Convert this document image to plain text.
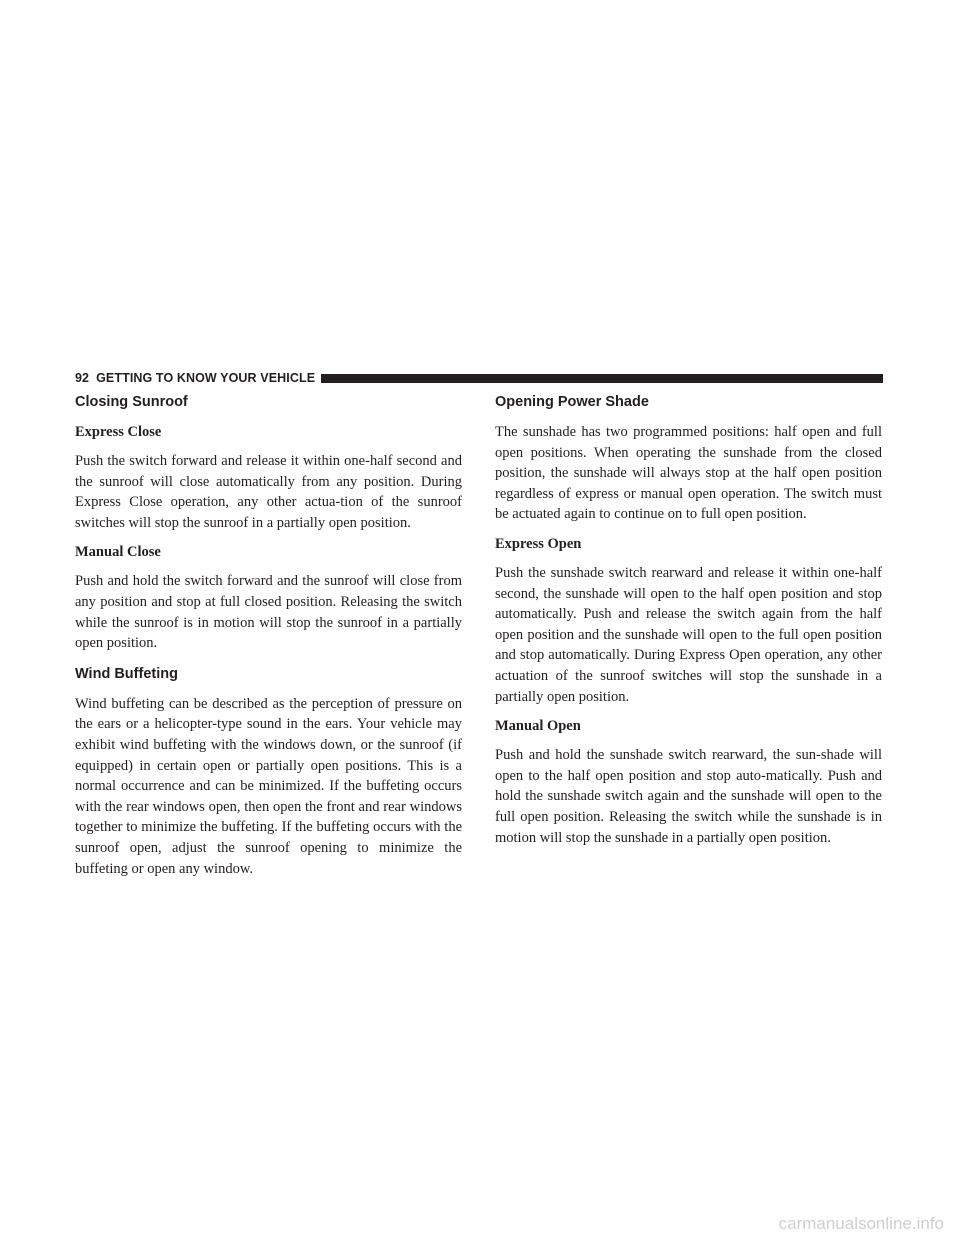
92 GETTING TO KNOW YOUR VEHICLE
Closing Sunroof
Express Close

Push the switch forward and release it within one-half second and the sunroof will close automatically from any position. During Express Close operation, any other actua-tion of the sunroof switches will stop the sunroof in a partially open position.

Manual Close

Push and hold the switch forward and the sunroof will close from any position and stop at full closed position. Releasing the switch while the sunroof is in motion will stop the sunroof in a partially open position.

Wind Buffeting

Wind buffeting can be described as the perception of pressure on the ears or a helicopter-type sound in the ears. Your vehicle may exhibit wind buffeting with the windows down, or the sunroof (if equipped) in certain open or partially open positions. This is a normal occurrence and can be minimized. If the buffeting occurs with the rear windows open, then open the front and rear windows together to minimize the buffeting. If the buffeting occurs with the sunroof open, adjust the sunroof opening to minimize the buffeting or open any window.

Opening Power Shade

The sunshade has two programmed positions: half open and full open positions. When operating the sunshade from the closed position, the sunshade will always stop at the half open position regardless of express or manual open operation. The switch must be actuated again to continue on to full open position.

Express Open

Push the sunshade switch rearward and release it within one-half second, the sunshade will open to the half open position and stop automatically. Push and release the switch again from the half open position and the sunshade will open to the full open position and stop automatically. During Express Open operation, any other actuation of the sunroof switches will stop the sunshade in a partially open position.

Manual Open

Push and hold the sunshade switch rearward, the sun-shade will open to the half open position and stop auto-matically. Push and hold the sunshade switch again and the sunshade will open to the full open position. Releasing the switch while the sunshade is in motion will stop the sunshade in a partially open position.

carmanualsonline.info
